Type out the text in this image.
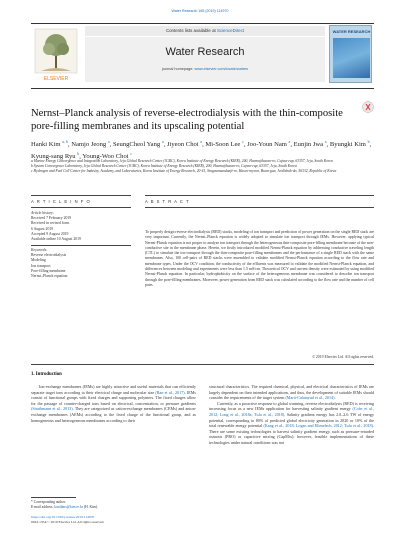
Water Research 165 (2019) 114970
ELSEVIER
Contents lists available at ScienceDirect
Water Research
journal homepage: www.elsevier.com/locate/watres
WATER RESEARCH
Nernst–Planck analysis of reverse-electrodialysis with the thin-composite pore-filling membranes and its upscaling potential
Hanki Kim $^{a, b}$, Namjo Jeong $^a$, SeungCheol Yang $^a$, Jiyeon Choi $^a$, Mi-Soon Lee $^c$, Joo-Youn Nam $^a$, Eunjin Jwa $^a$, Byungki Kim $^b$, Kyung-sang Ryu $^b$, Young-Woo Choi $^c$
a Marine Energy Convergence and Integration Laboratory, Jeju Global Research Center (JGRC), Korea Institute of Energy Research (KIER), 200, Haemajihaean-ro, Gujwa-eup, 63357, Jeju, South Korea
b System Convergence Laboratory, Jeju Global Research Center (JGRC), Korea Institute of Energy Research (KIER), 200, Haemajihaean-ro, Gujwa-eup, 63357, Jeju, South Korea
c Hydrogen and Fuel Cell Center for Industry, Academy, and Laboratories, Korea Institute of Energy Research, 20-41, Singeumsandanji-ro, Haseo-myeon, Buan-gun, Jeollabuk-do, 56332, Republic of Korea
A R T I C L E I N F O	A B S T R A C T
Article history:
Received 7 February 2019
Received in revised form
6 August 2019
Accepted 9 August 2019
Available online 10 August 2019
Keywords:
Reverse electrodialysis
Modeling
Ion transport
Pore-filling membrane
Nernst–Planck equation
To properly design reverse electrodialysis (RED) stacks, modeling of ion transport and prediction of power generation on the single RED stack are very important. Currently, the Nernst–Planck equation is widely adopted to simulate ion transport through IEMs. However, applying typical Nernst-Planck equation is not proper to analyze ion transport through the heterogeneous thin-composite pore-filling membrane because of the non-conductive site in the membrane phase. Herein, we firstly introduced modified Nernst-Planck equation by addressing conductive traveling length (CTL) to simulate the ion transport through the thin-composite pore-filling membranes and the performance of a single RED stack with the same membranes. Also, 100 cell-pairs of RED stacks were assembled to validate modified Nernst-Planck equation according to the flow rate and membrane types. Under the OCV condition, the conductivity of the effluents was measured to validate the modified Nernst-Planck equation, and differences between modeling and experiments were less than 1.5 mS/cm. Theoretical OCV and current density were estimated by using modified Nernst-Planck equation. In particular, hydrophobicity on the surface of the heterogeneous membrane was considered to describe ion transport through the pore-filling membranes. Moreover, power generation from RED stack was calculated according to the flow rate and the number of cell pairs.
© 2019 Elsevier Ltd. All rights reserved.
1. Introduction

Ion-exchange membranes (IEMs) are highly attractive and useful materials that can efficiently separate target ions according to their electrical charge and molecular size (Ran et al., 2017). IEMs consist of functional groups with fixed charges and supporting polymers. The fixed charges allow for the passage of counter-charged ions based on electrical, concentration, or pressure gradients (Strathmann et al., 2013). They are categorized as cation-exchange membranes (CEMs) and anion-exchange membranes (AEMs) according to the fixed charge of the functional group, and as homogeneous and heterogeneous membranes according to their

structural characteristics. The required chemical, physical, and electrical characteristics of IEMs are largely dependent on their intended applications, and thus, the development of suitable IEMs should consider the requirements of the target system (Marti-Calatayud et al., 2014).

Currently, as a proactive response to global warming, reverse electrodialysis (RED) is receiving increasing focus as a new IEMs application for harvesting salinity gradient energy (Cofrr et al., 2012; Long et al., 2018a; Tufa et al., 2018). Salinity gradient energy has 2.0–2.6 TW of energy potential, corresponding to 80% of predicted global electricity generation in 2020 or 10% of the total renewable energy potential (Kang et al., 2018; Logan and Elimelech, 2012; Tufa et al., 2018). There are some existing technologies to harvest salinity gradient energy, such as pressure-retarded osmosis (PRO) or capacitive mixing (CapMix); however, feasible implementations of these technologies under natural conditions was not

* Corresponding author.
E-mail address: kunibms@kier.re.kr (H. Kim).
https://doi.org/10.1016/j.watres.2019.114970
0043-1354/© 2019 Elsevier Ltd. All rights reserved.
